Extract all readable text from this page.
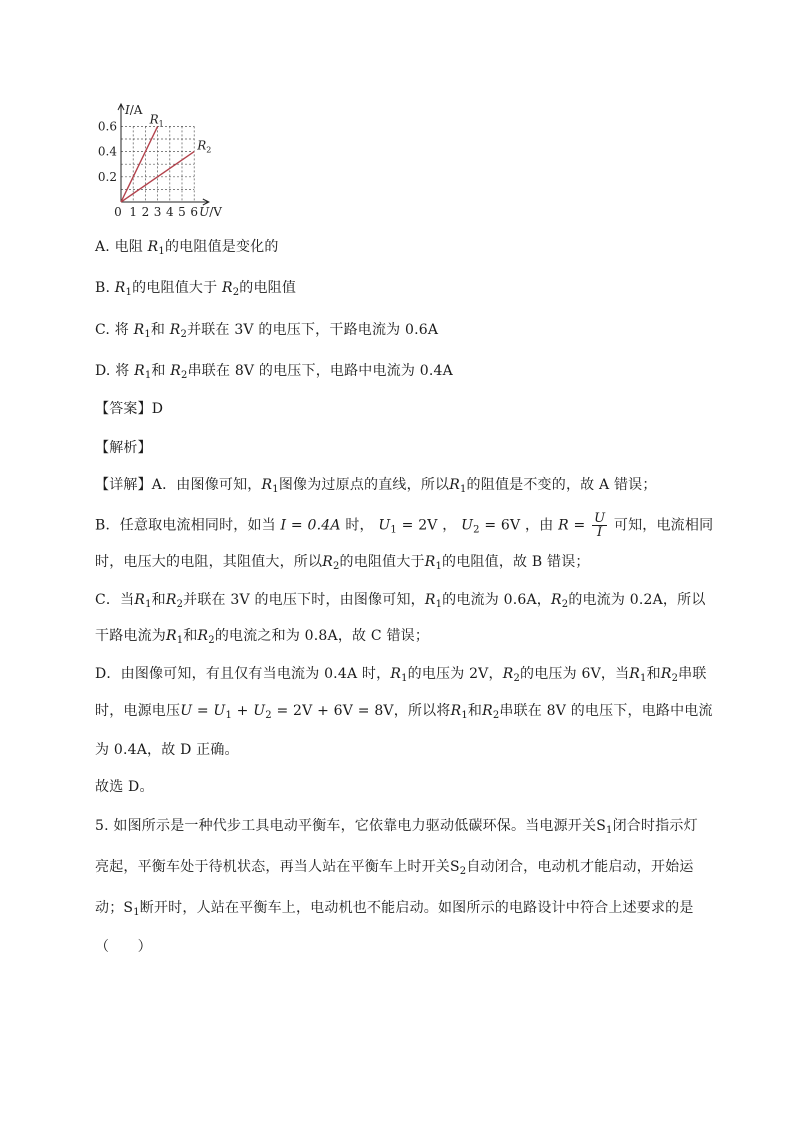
$R_1$
$R_2$
0.2
0.4
0.6
0 1 2 3 4 5 6
I/A
U/V
A. 电阻 $R_1$的电阻值是变化的
B. $R_1$的电阻值大于 $R_2$的电阻值
C. 将 $R_1$和 $R_2$并联在 3V 的电压下，干路电流为 0.6A
D. 将 $R_1$和 $R_2$串联在 8V 的电压下，电路中电流为 0.4A
【答案】D
【解析】
【详解】A．由图像可知，$R_1$图像为过原点的直线，所以$R_1$的阻值是不变的，故 A 错误；
B．任意取电流相同时，如当 I = 0.4A 时， $U_1 = 2V$ ， $U_2 = 6V$ ，由 $R = \frac{U}{I}$ 可知，电流相同
时，电压大的电阻，其阻值大，所以$R_2$的电阻值大于$R_1$的电阻值，故 B 错误；
C．当$R_1$和$R_2$并联在 3V 的电压下时，由图像可知，$R_1$的电流为 0.6A，$R_2$的电流为 0.2A，所以
干路电流为$R_1$和$R_2$的电流之和为 0.8A，故 C 错误；
D．由图像可知，有且仅有当电流为 0.4A 时，$R_1$的电压为 2V，$R_2$的电压为 6V，当$R_1$和$R_2$串联
时，电源电压$U = U_1 + U_2 = 2V + 6V = 8V$，所以将$R_1$和$R_2$串联在 8V 的电压下，电路中电流
为 0.4A，故 D 正确。
故选 D。
5. 如图所示是一种代步工具电动平衡车，它依靠电力驱动低碳环保。当电源开关$S_1$闭合时指示灯
亮起，平衡车处于待机状态，再当人站在平衡车上时开关$S_2$自动闭合，电动机才能启动，开始运
动；$S_1$断开时，人站在平衡车上，电动机也不能启动。如图所示的电路设计中符合上述要求的是
（　　）
